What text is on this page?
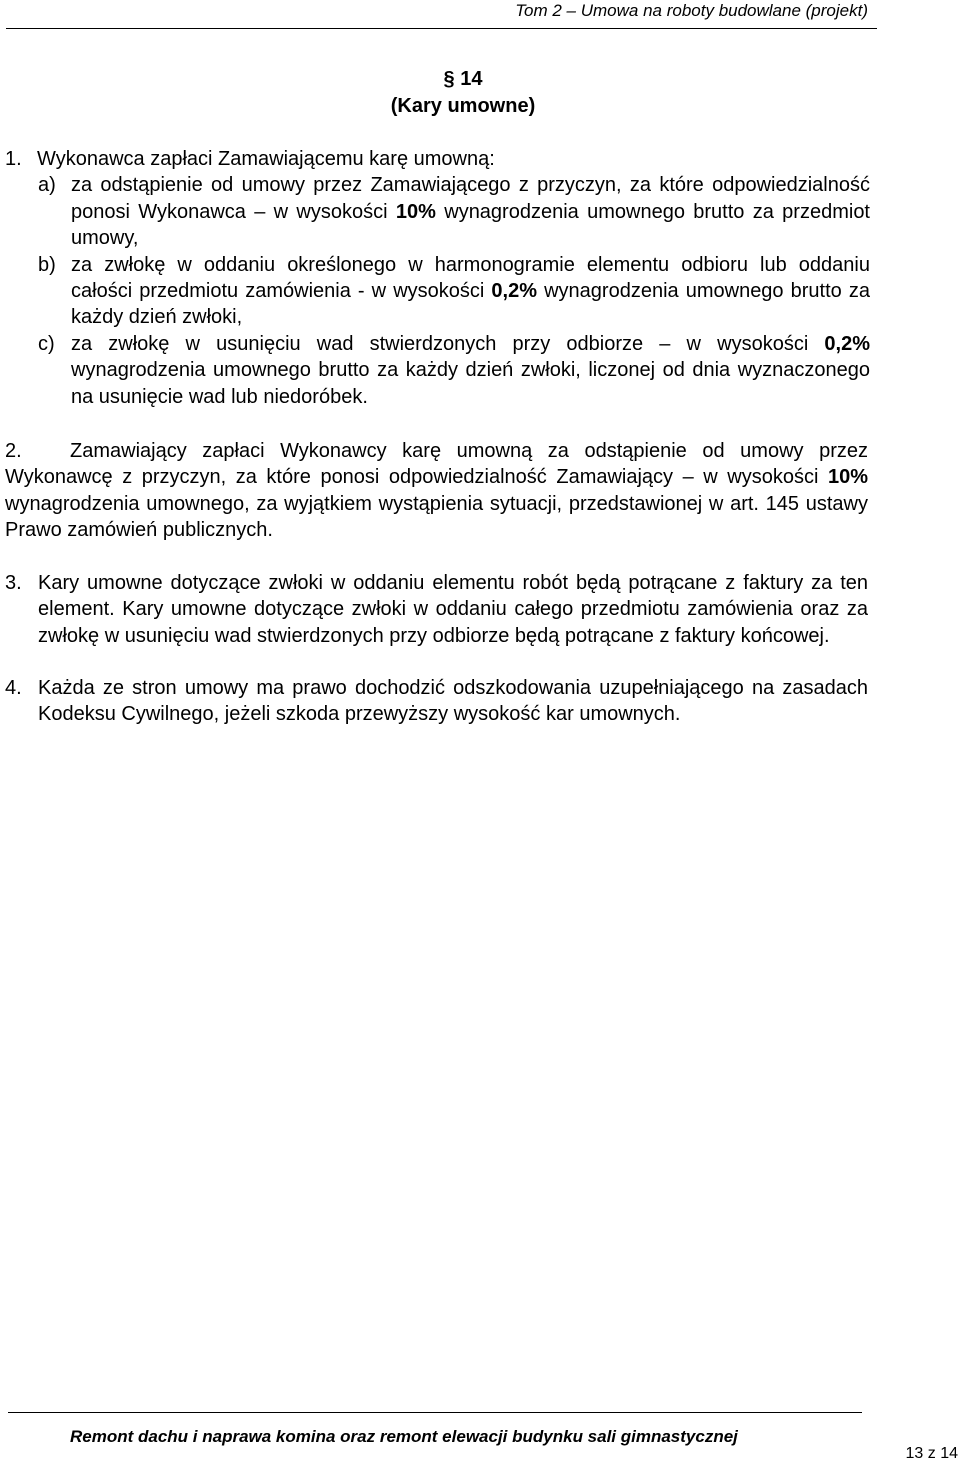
Tom 2 – Umowa na roboty budowlane (projekt)
§ 14
(Kary umowne)
1. Wykonawca zapłaci Zamawiającemu karę umowną:
a) za odstąpienie od umowy przez Zamawiającego z przyczyn, za które odpowiedzialność ponosi Wykonawca – w wysokości 10% wynagrodzenia umownego brutto za przedmiot umowy,
b) za zwłokę w oddaniu określonego w harmonogramie elementu odbioru lub oddaniu całości przedmiotu zamówienia - w wysokości 0,2% wynagrodzenia umownego brutto za każdy dzień zwłoki,
c) za zwłokę w usunięciu wad stwierdzonych przy odbiorze – w wysokości 0,2% wynagrodzenia umownego brutto za każdy dzień zwłoki, liczonej od dnia wyznaczonego na usunięcie wad lub niedoróbek.
2. Zamawiający zapłaci Wykonawcy karę umowną za odstąpienie od umowy przez Wykonawcę z przyczyn, za które ponosi odpowiedzialność Zamawiający – w wysokości 10% wynagrodzenia umownego, za wyjątkiem wystąpienia sytuacji, przedstawionej w art. 145 ustawy Prawo zamówień publicznych.
3. Kary umowne dotyczące zwłoki w oddaniu elementu robót będą potrącane z faktury za ten element. Kary umowne dotyczące zwłoki w oddaniu całego przedmiotu zamówienia oraz za zwłokę w usunięciu wad stwierdzonych przy odbiorze będą potrącane z faktury końcowej.
4. Każda ze stron umowy ma prawo dochodzić odszkodowania uzupełniającego na zasadach Kodeksu Cywilnego, jeżeli szkoda przewyższy wysokość kar umownych.
Remont dachu i naprawa komina oraz remont elewacji budynku sali gimnastycznej
13 z 14
